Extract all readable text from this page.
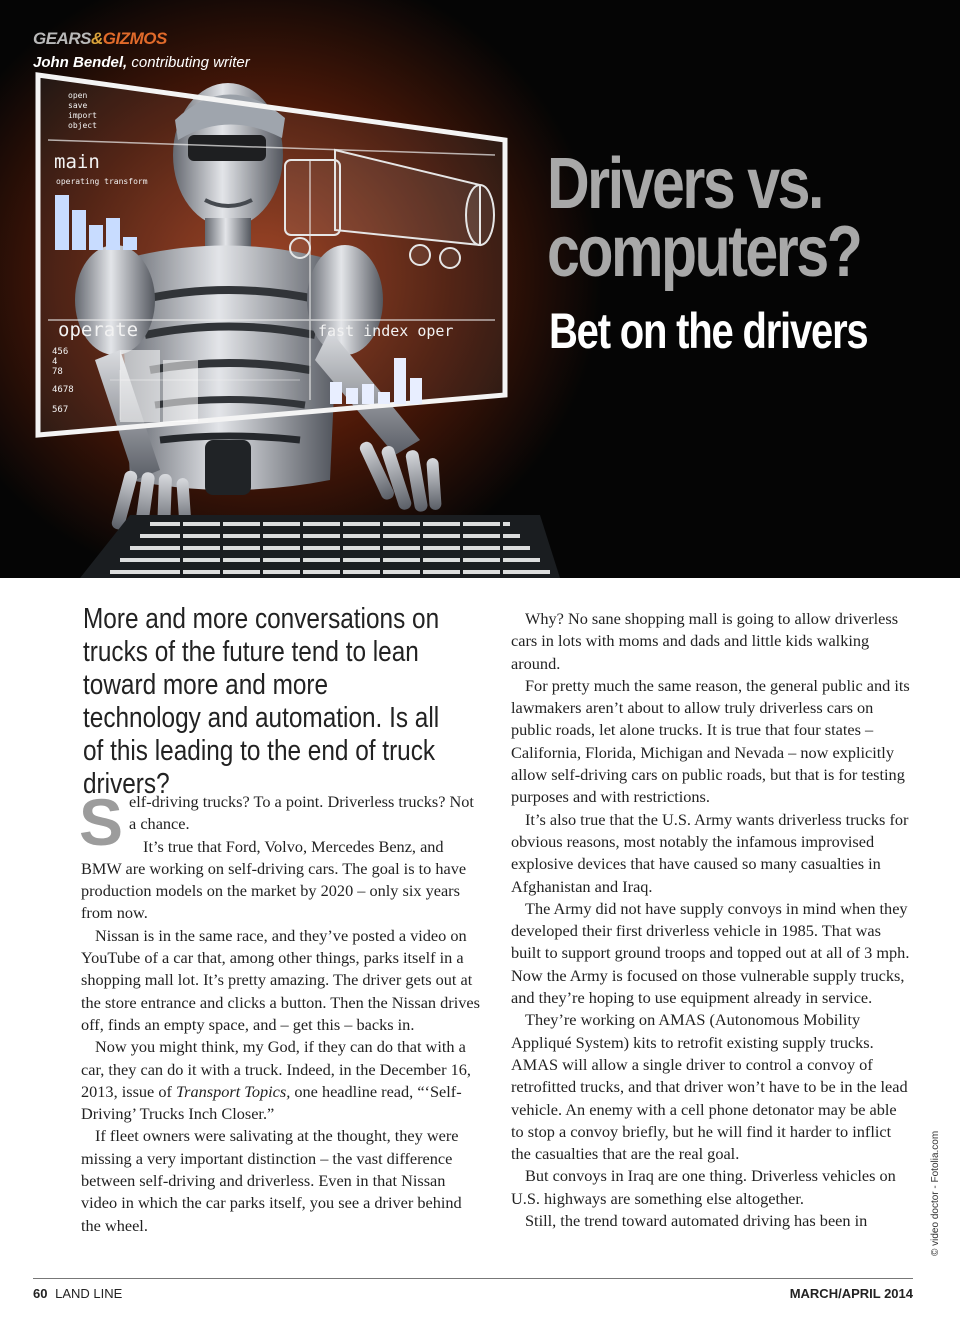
open
save
import
object
main
operating transform
operate	fast index oper
456
4
78
4678
567
GEARS&GIZMOS
John Bendel, contributing writer
Drivers vs.
computers?
Bet on the drivers

More and more conversations on trucks of the future tend to lean toward more and more technology and automation. Is all of this leading to the end of truck drivers?

Self-driving trucks? To a point. Driverless trucks? Not a chance.

It’s true that Ford, Volvo, Mercedes Benz, and BMW are working on self-driving cars. The goal is to have production models on the market by 2020 – only six years from now.

Nissan is in the same race, and they’ve posted a video on YouTube of a car that, among other things, parks itself in a shopping mall lot. It’s pretty amazing. The driver gets out at the store entrance and clicks a button. Then the Nissan drives off, finds an empty space, and – get this – backs in.

Now you might think, my God, if they can do that with a car, they can do it with a truck. Indeed, in the December 16, 2013, issue of Transport Topics, one headline read, “‘Self-Driving’ Trucks Inch Closer.”

If fleet owners were salivating at the thought, they were missing a very important distinction – the vast difference between self-driving and driverless. Even in that Nissan video in which the car parks itself, you see a driver behind the wheel.

Why? No sane shopping mall is going to allow driverless cars in lots with moms and dads and little kids walking around.

For pretty much the same reason, the general public and its lawmakers aren’t about to allow truly driverless cars on public roads, let alone trucks. It is true that four states – California, Florida, Michigan and Nevada – now explicitly allow self-driving cars on public roads, but that is for testing purposes and with restrictions.

It’s also true that the U.S. Army wants driverless trucks for obvious reasons, most notably the infamous improvised explosive devices that have caused so many casualties in Afghanistan and Iraq.

The Army did not have supply convoys in mind when they developed their first driverless vehicle in 1985. That was built to support ground troops and topped out at all of 3 mph. Now the Army is focused on those vulnerable supply trucks, and they’re hoping to use equipment already in service.

They’re working on AMAS (Autonomous Mobility Appliqué System) kits to retrofit existing supply trucks. AMAS will allow a single driver to control a convoy of retrofitted trucks, and that driver won’t have to be in the lead vehicle. An enemy with a cell phone detonator may be able to stop a convoy briefly, but he will find it harder to inflict the casualties that are the real goal.

But convoys in Iraq are one thing. Driverless vehicles on U.S. highways are something else altogether.

Still, the trend toward automated driving has been in	© video doctor - Fotolia.com
60 LAND LINE	MARCH/APRIL 2014
